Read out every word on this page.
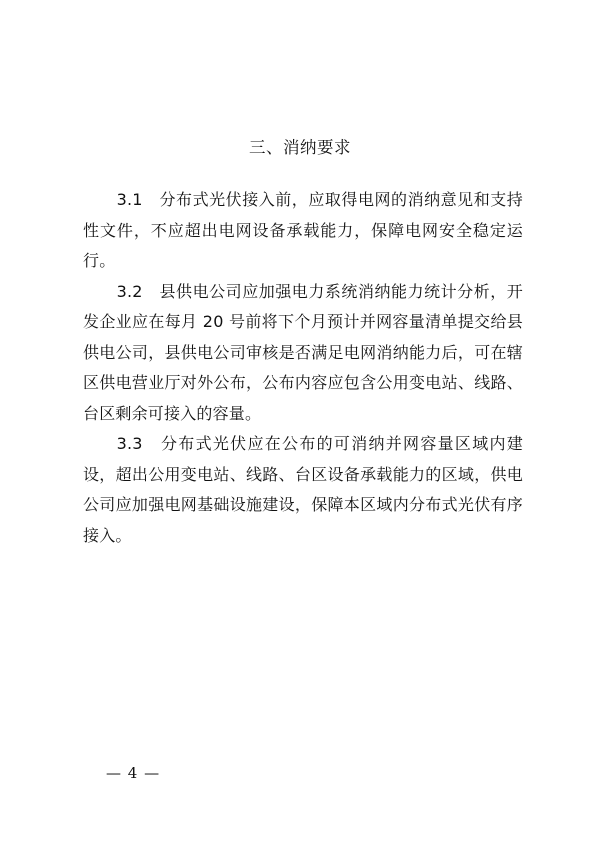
三、消纳要求

3.1　分布式光伏接入前，应取得电网的消纳意见和支持性文件，不应超出电网设备承载能力，保障电网安全稳定运行。

3.2　县供电公司应加强电力系统消纳能力统计分析，开发企业应在每月 20 号前将下个月预计并网容量清单提交给县供电公司，县供电公司审核是否满足电网消纳能力后，可在辖区供电营业厅对外公布，公布内容应包含公用变电站、线路、台区剩余可接入的容量。

3.3　分布式光伏应在公布的可消纳并网容量区域内建设，超出公用变电站、线路、台区设备承载能力的区域，供电公司应加强电网基础设施建设，保障本区域内分布式光伏有序接入。

— 4 —
